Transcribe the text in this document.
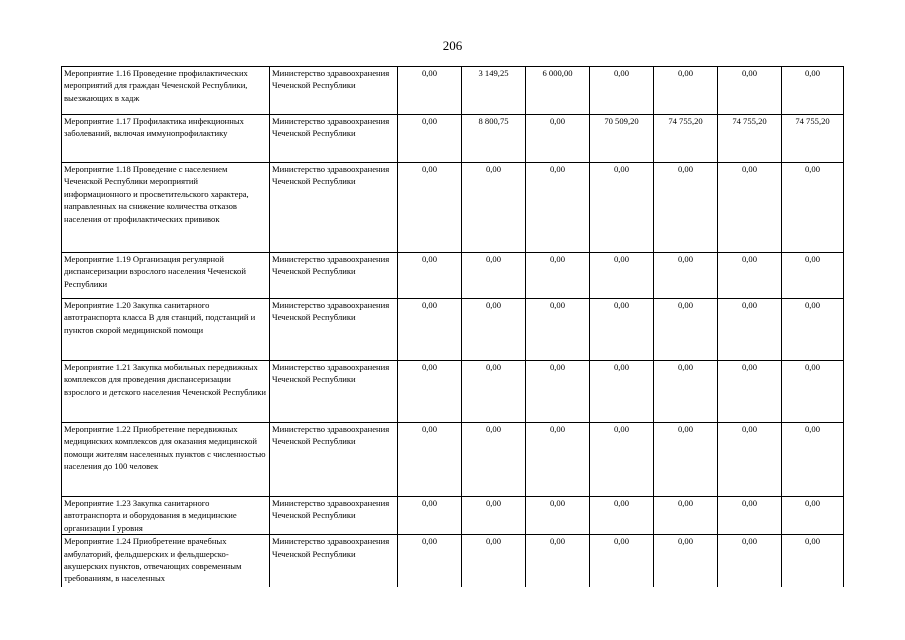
206
Мероприятие 1.16 Проведение профилактических мероприятий для граждан Чеченской Республики, выезжающих в хадж	Министерство здравоохранения Чеченской Республики	0,00	3 149,25	6 000,00	0,00	0,00	0,00	0,00
Мероприятие 1.17 Профилактика инфекционных заболеваний, включая иммунопрофилактику	Министерство здравоохранения Чеченской Республики	0,00	8 800,75	0,00	70 509,20	74 755,20	74 755,20	74 755,20
Мероприятие 1.18 Проведение с населением Чеченской Республики мероприятий информационного и просветительского характера, направленных на снижение количества отказов населения от профилактических прививок	Министерство здравоохранения Чеченской Республики	0,00	0,00	0,00	0,00	0,00	0,00	0,00
Мероприятие 1.19 Организация регулярной диспансеризации взрослого населения Чеченской Республики	Министерство здравоохранения Чеченской Республики	0,00	0,00	0,00	0,00	0,00	0,00	0,00
Мероприятие 1.20 Закупка санитарного автотранспорта класса В для станций, подстанций и пунктов скорой медицинской помощи	Министерство здравоохранения Чеченской Республики	0,00	0,00	0,00	0,00	0,00	0,00	0,00
Мероприятие 1.21 Закупка мобильных передвижных комплексов для проведения диспансеризации взрослого и детского населения Чеченской Республики	Министерство здравоохранения Чеченской Республики	0,00	0,00	0,00	0,00	0,00	0,00	0,00
Мероприятие 1.22 Приобретение передвижных медицинских комплексов для оказания медицинской помощи жителям населенных пунктов с численностью населения до 100 человек	Министерство здравоохранения Чеченской Республики	0,00	0,00	0,00	0,00	0,00	0,00	0,00
Мероприятие 1.23 Закупка санитарного автотранспорта и оборудования в медицинские организации I уровня	Министерство здравоохранения Чеченской Республики	0,00	0,00	0,00	0,00	0,00	0,00	0,00
Мероприятие 1.24 Приобретение врачебных амбулаторий, фельдшерских и фельдшерско-акушерских пунктов, отвечающих современным требованиям, в населенных	Министерство здравоохранения Чеченской Республики	0,00	0,00	0,00	0,00	0,00	0,00	0,00
